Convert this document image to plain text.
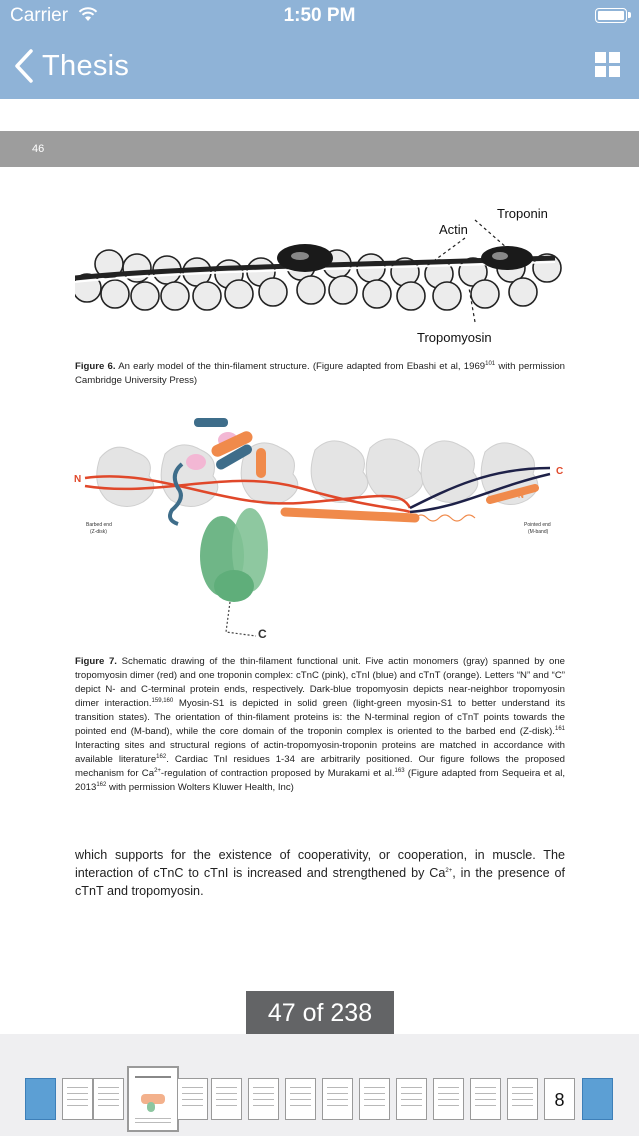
Carrier	1:50 PM
Thesis
46
Troponin
Actin
Tropomyosin
Figure 6. An early model of the thin-filament structure. (Figure adapted from Ebashi et al, 1969$^{101}$ with permission Cambridge University Press)
N
C
N
Barbed end
(Z-disk)
Pointed end
(M-band)
C
Figure 7. Schematic drawing of the thin-filament functional unit. Five actin monomers (gray) spanned by one tropomyosin dimer (red) and one troponin complex: cTnC (pink), cTnI (blue) and cTnT (orange). Letters “N” and “C” depict N- and C-terminal protein ends, respectively. Dark-blue tropomyosin depicts near-neighbor tropomyosin dimer interaction.$^{159,160}$ Myosin-S1 is depicted in solid green (light-green myosin-S1 to better understand its transition states). The orientation of thin-filament proteins is: the N-terminal region of cTnT points towards the pointed end (M-band), while the core domain of the troponin complex is oriented to the barbed end (Z-disk).$^{161}$ Interacting sites and structural regions of actin-tropomyosin-troponin proteins are matched in accordance with available literature$^{162}$. Cardiac TnI residues 1-34 are arbitrarily positioned. Our figure follows the proposed mechanism for $Ca^{2+}$-regulation of contraction proposed by Murakami et al.$^{163}$ (Figure adapted from Sequeira et al, 2013$^{162}$ with permission Wolters Kluwer Health, Inc)
which supports for the existence of cooperativity, or cooperation, in muscle. The interaction of cTnC to cTnI is increased and strengthened by $Ca^{2+}$, in the presence of cTnT and tropomyosin.
47 of 238
8
